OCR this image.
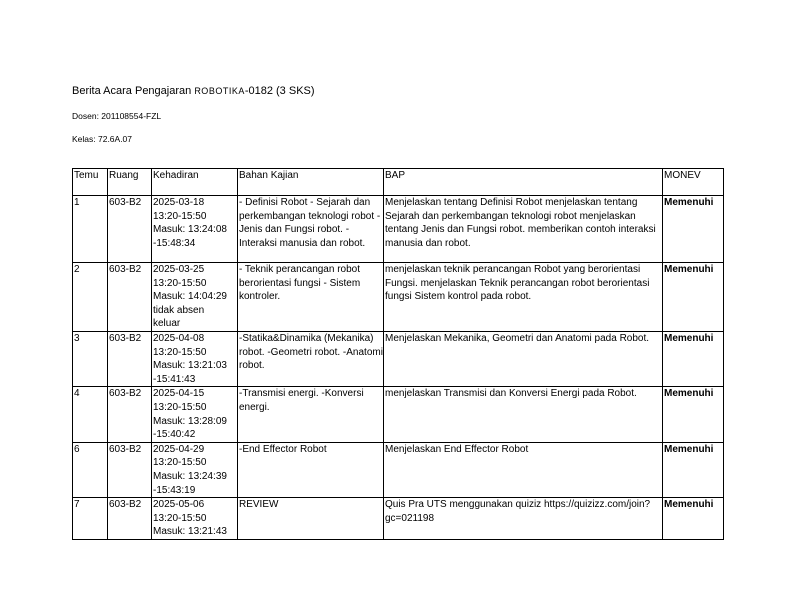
Berita Acara Pengajaran ROBOTIKA-0182 (3 SKS)
Dosen: 201108554-FZL
Kelas: 72.6A.07
Temu	Ruang	Kehadiran	Bahan Kajian	BAP	MONEV
1	603-B2	2025-03-18
13:20-15:50
Masuk: 13:24:08
-15:48:34	- Definisi Robot - Sejarah dan perkembangan teknologi robot - Jenis dan Fungsi robot. - Interaksi manusia dan robot.	Menjelaskan tentang Definisi Robot menjelaskan tentang Sejarah dan perkembangan teknologi robot menjelaskan tentang Jenis dan Fungsi robot. memberikan contoh interaksi manusia dan robot.	Memenuhi
2	603-B2	2025-03-25
13:20-15:50
Masuk: 14:04:29
tidak absen
keluar	- Teknik perancangan robot berorientasi fungsi - Sistem kontroler.	menjelaskan teknik perancangan Robot yang berorientasi Fungsi. menjelaskan Teknik perancangan robot berorientasi fungsi Sistem kontrol pada robot.	Memenuhi
3	603-B2	2025-04-08
13:20-15:50
Masuk: 13:21:03
-15:41:43	-Statika&Dinamika (Mekanika) robot. -Geometri robot. -Anatomi robot.	Menjelaskan Mekanika, Geometri dan Anatomi pada Robot.	Memenuhi
4	603-B2	2025-04-15
13:20-15:50
Masuk: 13:28:09
-15:40:42	-Transmisi energi. -Konversi energi.	menjelaskan Transmisi dan Konversi Energi pada Robot.	Memenuhi
6	603-B2	2025-04-29
13:20-15:50
Masuk: 13:24:39
-15:43:19	-End Effector Robot	Menjelaskan End Effector Robot	Memenuhi
7	603-B2	2025-05-06
13:20-15:50
Masuk: 13:21:43	REVIEW	Quis Pra UTS menggunakan quiziz https://quizizz.com/join?gc=021198	Memenuhi
